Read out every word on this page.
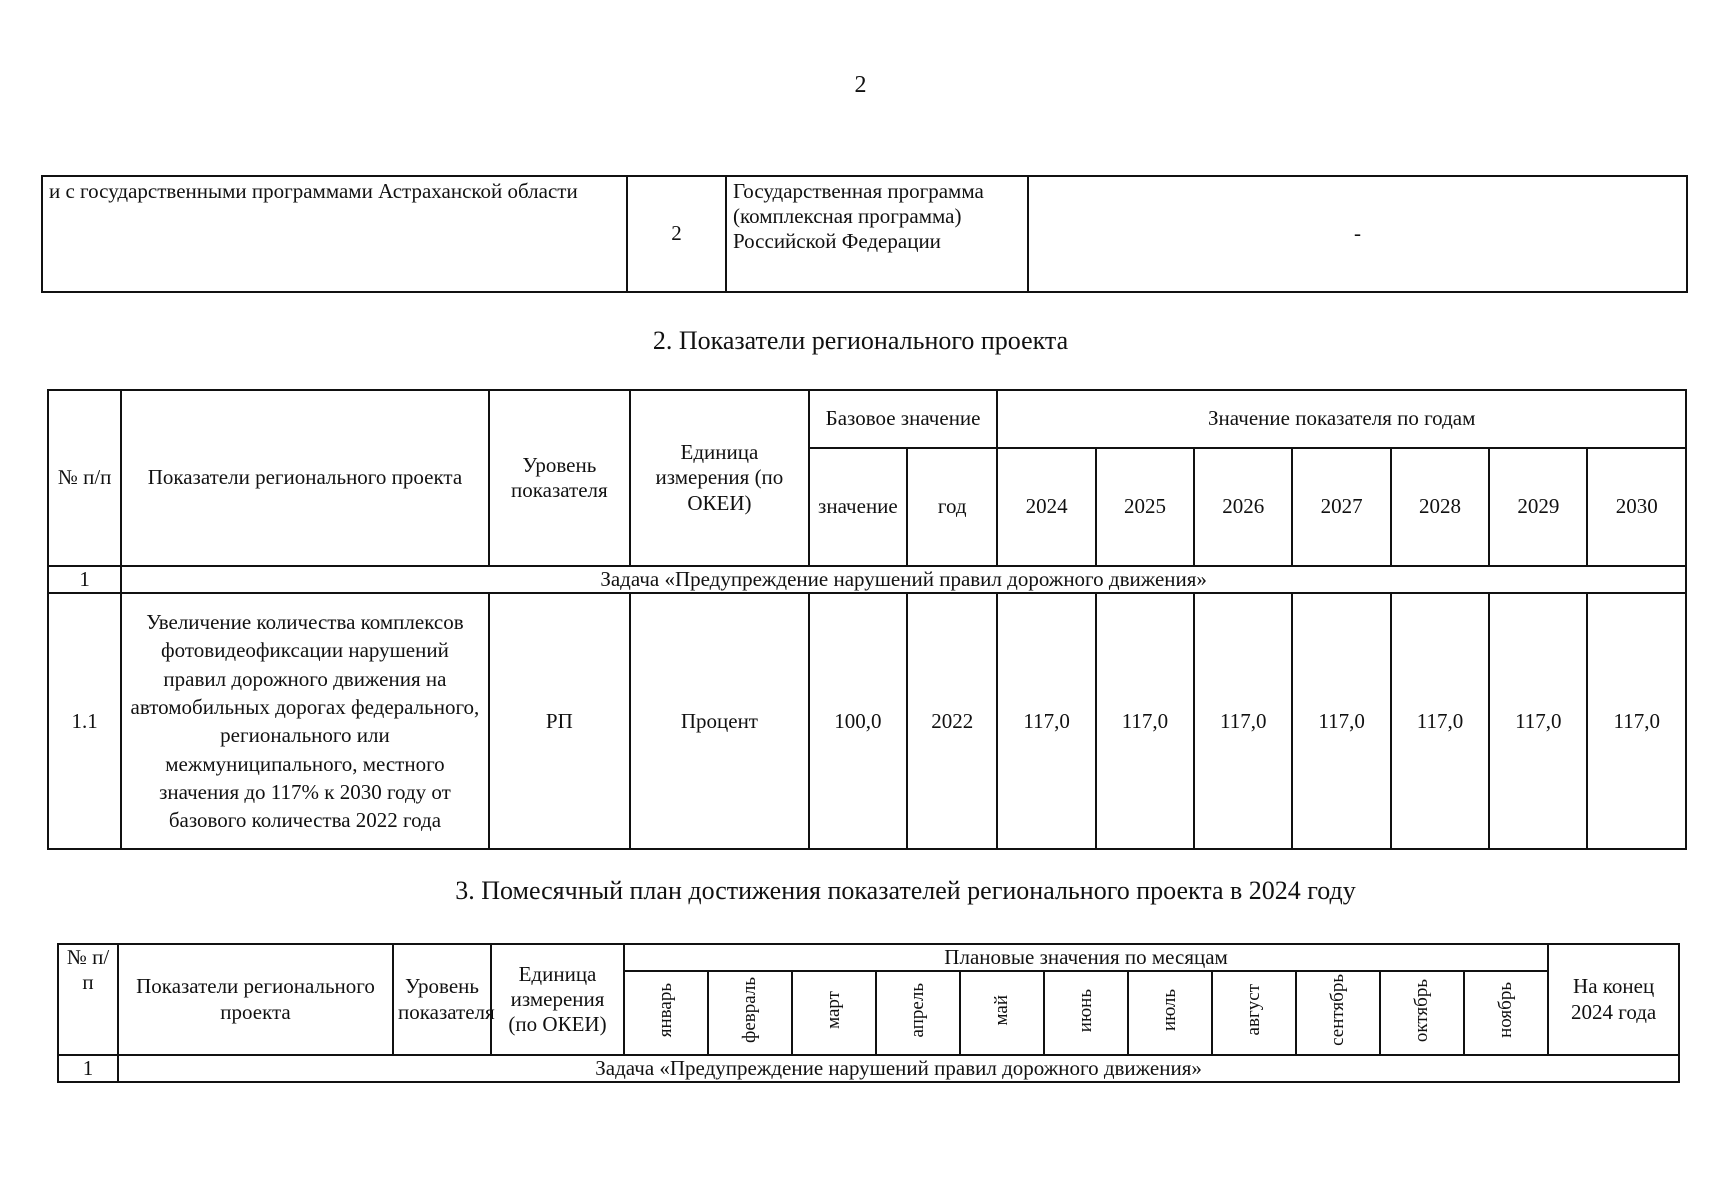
2
и с государственными программами Астраханской области	2	Государственная программа (комплексная программа) Российской Федерации	-
2. Показатели регионального проекта
№ п/п	Показатели регионального проекта	Уровень показателя	Единица измерения (по ОКЕИ)	Базовое значение		Значение показателя по годам						
				значение	год	2024	2025	2026	2027	2028	2029	2030
1	Задача «Предупреждение нарушений правил дорожного движения»											
1.1	Увеличение количества комплексов фотовидеофиксации нарушений правил дорожного движения на автомобильных дорогах федерального, регионального или межмуниципального, местного значения до 117% к 2030 году от базового количества 2022 года	РП	Процент	100,0	2022	117,0	117,0	117,0	117,0	117,0	117,0	117,0
3. Помесячный план достижения показателей регионального проекта в 2024 году
№ п/п	Показатели регионального проекта	Уровень показателя	Единица измерения (по ОКЕИ)	Плановые значения по месяцам											На конец 2024 года
				январь	февраль	март	апрель	май	июнь	июль	август	сентябрь	октябрь	ноябрь	
1	Задача «Предупреждение нарушений правил дорожного движения»														
